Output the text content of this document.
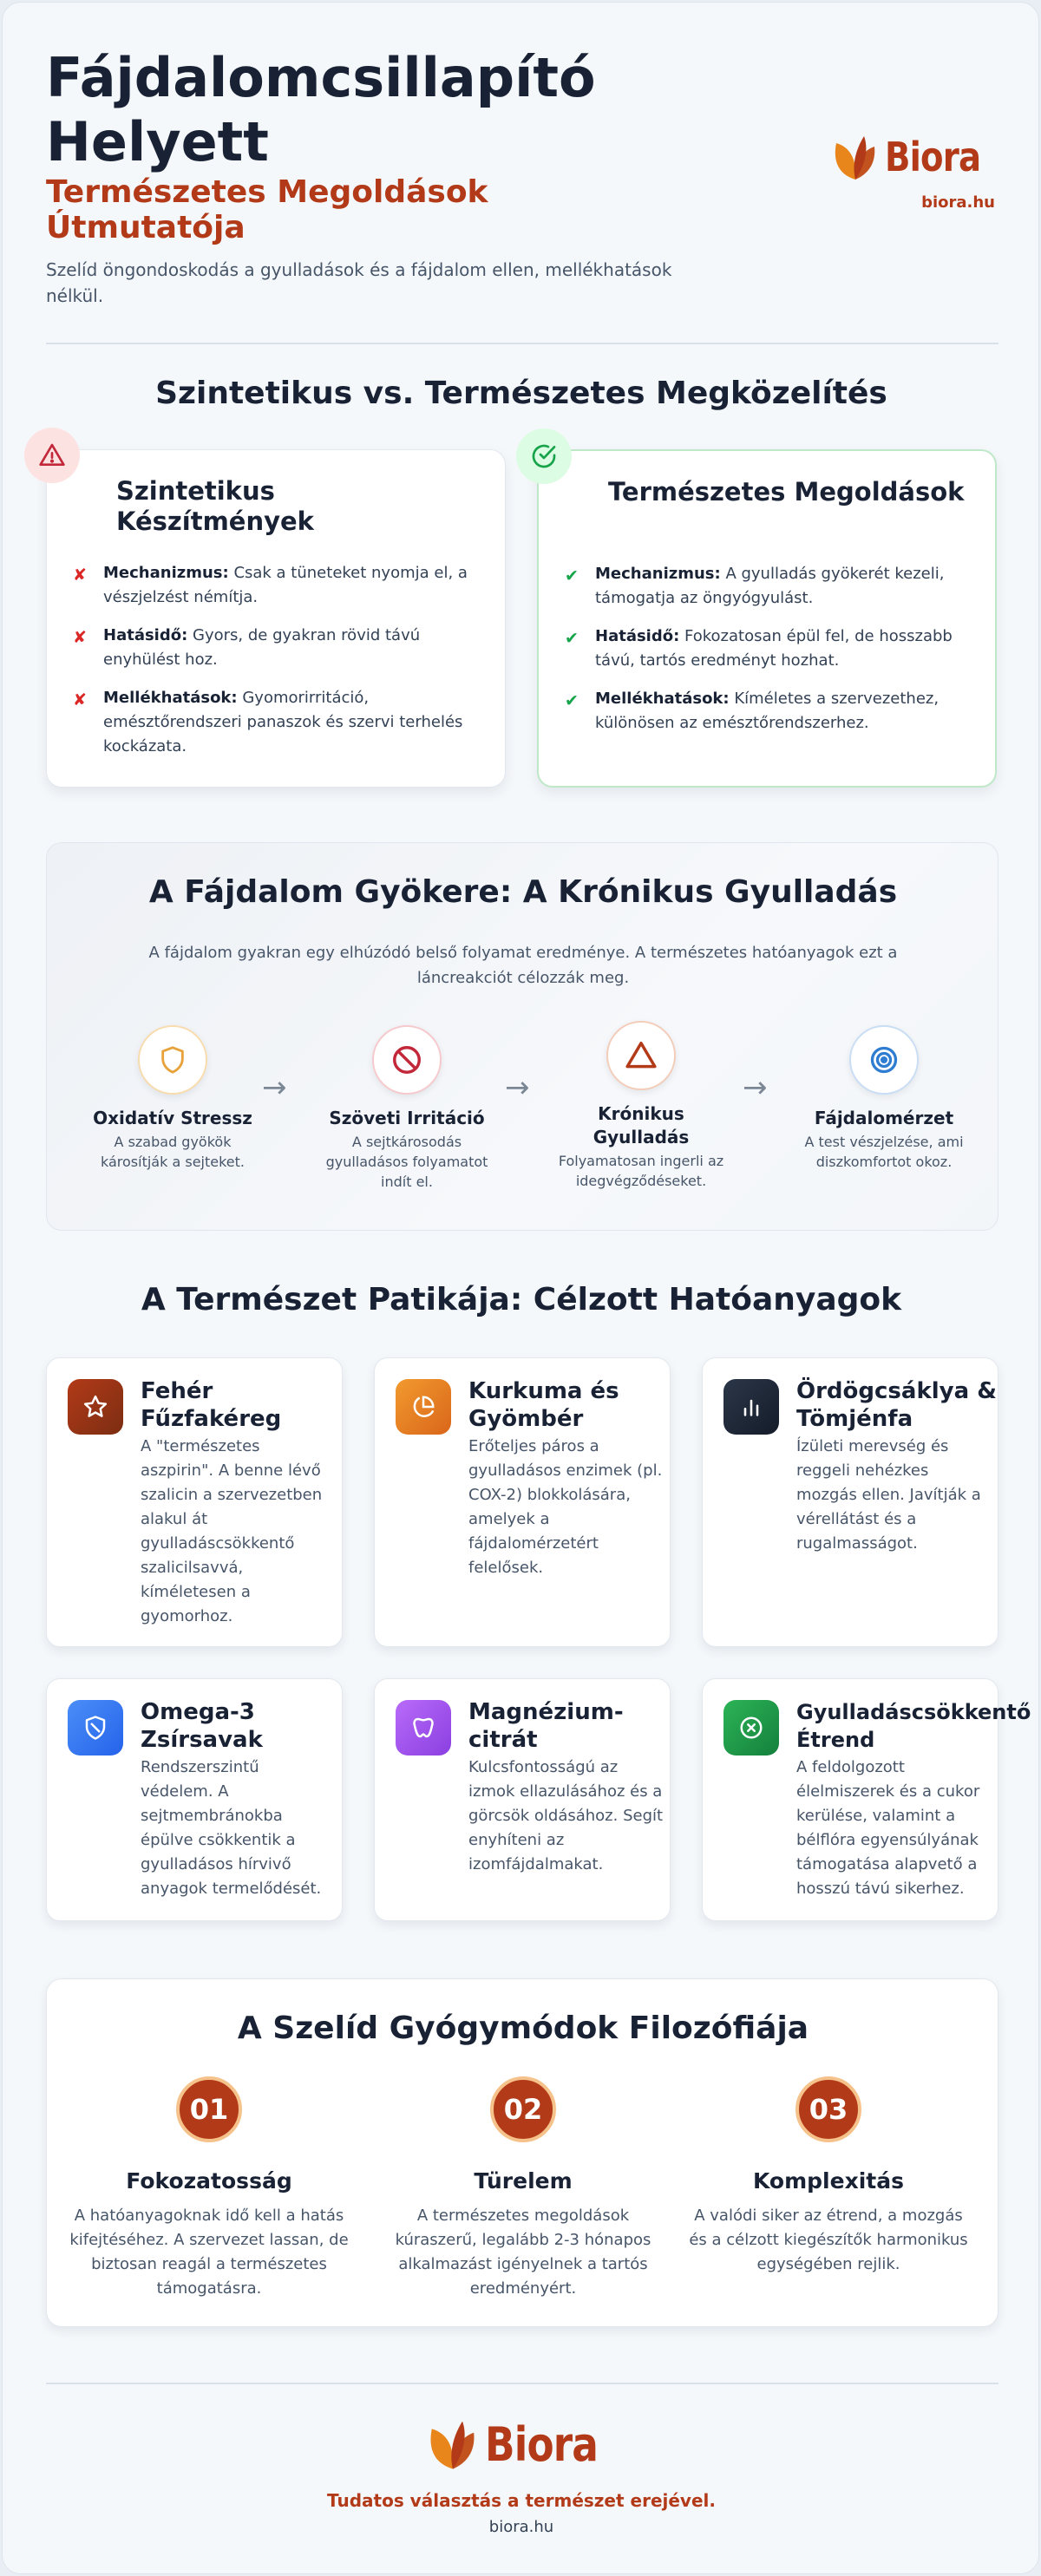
Fájdalomcsillapító Helyett
Természetes Megoldások Útmutatója

Szelíd öngondoskodás a gyulladások és a fájdalom ellen, mellékhatások nélkül.

Biora
biora.hu
Szintetikus vs. Természetes Megközelítés
Szintetikus Készítmények
✘ Mechanizmus: Csak a tüneteket nyomja el, a vészjelzést némítja.
✘ Hatásidő: Gyors, de gyakran rövid távú enyhülést hoz.
✘ Mellékhatások: Gyomorirritáció, emésztőrendszeri panaszok és szervi terhelés kockázata.
Természetes Megoldások
✔ Mechanizmus: A gyulladás gyökerét kezeli, támogatja az öngyógyulást.
✔ Hatásidő: Fokozatosan épül fel, de hosszabb távú, tartós eredményt hozhat.
✔ Mellékhatások: Kíméletes a szervezethez, különösen az emésztőrendszerhez.
A Fájdalom Gyökere: A Krónikus Gyulladás

A fájdalom gyakran egy elhúzódó belső folyamat eredménye. A természetes hatóanyagok ezt a láncreakciót célozzák meg.

Oxidatív Stressz
A szabad gyökök károsítják a sejteket.
→
Szöveti Irritáció
A sejtkárosodás gyulladásos folyamatot indít el.
→
Krónikus Gyulladás
Folyamatosan ingerli az idegvégződéseket.
→
Fájdalomérzet
A test vészjelzése, ami diszkomfortot okoz.
A Természet Patikája: Célzott Hatóanyagok
Fehér Fűzfakéreg
A "természetes aszpirin". A benne lévő szalicin a szervezetben alakul át gyulladáscsökkentő szalicilsavvá, kíméletesen a gyomorhoz.
Kurkuma és Gyömbér
Erőteljes páros a gyulladásos enzimek (pl. COX-2) blokkolására, amelyek a fájdalomérzetért felelősek.
Ördögcsáklya & Tömjénfa
Ízületi merevség és reggeli nehézkes mozgás ellen. Javítják a vérellátást és a rugalmasságot.
Omega-3 Zsírsavak
Rendszerszintű védelem. A sejtmembránokba épülve csökkentik a gyulladásos hírvivő anyagok termelődését.
Magnézium-citrát
Kulcsfontosságú az izmok ellazulásához és a görcsök oldásához. Segít enyhíteni az izomfájdalmakat.
Gyulladáscsökkentő Étrend
A feldolgozott élelmiszerek és a cukor kerülése, valamint a bélflóra egyensúlyának támogatása alapvető a hosszú távú sikerhez.
A Szelíd Gyógymódok Filozófiája
01
Fokozatosság
A hatóanyagoknak idő kell a hatás kifejtéséhez. A szervezet lassan, de biztosan reagál a természetes támogatásra.
02
Türelem
A természetes megoldások kúraszerű, legalább 2-3 hónapos alkalmazást igényelnek a tartós eredményért.
03
Komplexitás
A valódi siker az étrend, a mozgás és a célzott kiegészítők harmonikus egységében rejlik.
Biora
Tudatos választás a természet erejével.
biora.hu
